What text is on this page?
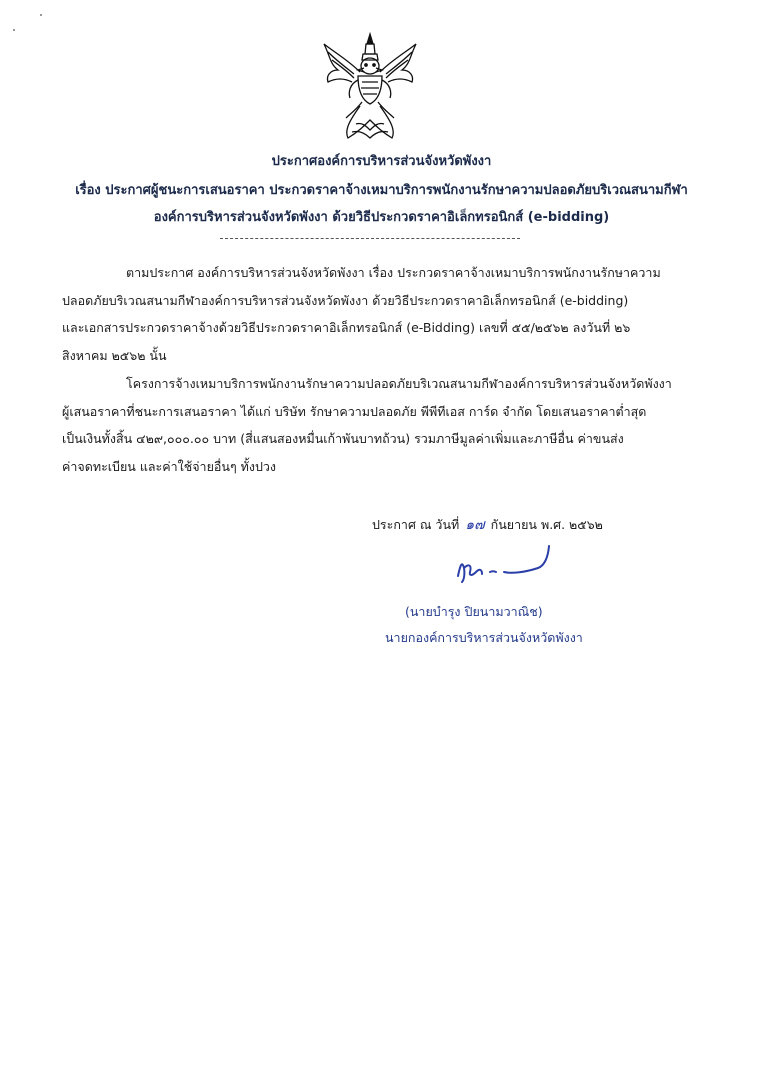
ประกาศองค์การบริหารส่วนจังหวัดพังงา
เรื่อง ประกาศผู้ชนะการเสนอราคา ประกวดราคาจ้างเหมาบริการพนักงานรักษาความปลอดภัยบริเวณสนามกีฬา
องค์การบริหารส่วนจังหวัดพังงา ด้วยวิธีประกวดราคาอิเล็กทรอนิกส์ (e-bidding)
ตามประกาศ องค์การบริหารส่วนจังหวัดพังงา เรื่อง ประกวดราคาจ้างเหมาบริการพนักงานรักษาความ
ปลอดภัยบริเวณสนามกีฬาองค์การบริหารส่วนจังหวัดพังงา ด้วยวิธีประกวดราคาอิเล็กทรอนิกส์ (e-bidding)
และเอกสารประกวดราคาจ้างด้วยวิธีประกวดราคาอิเล็กทรอนิกส์ (e-Bidding) เลขที่ ๕๕/๒๕๖๒ ลงวันที่ ๒๖
สิงหาคม ๒๕๖๒ นั้น
โครงการจ้างเหมาบริการพนักงานรักษาความปลอดภัยบริเวณสนามกีฬาองค์การบริหารส่วนจังหวัดพังงา
ผู้เสนอราคาที่ชนะการเสนอราคา ได้แก่ บริษัท รักษาความปลอดภัย พีพีทีเอส การ์ด จำกัด โดยเสนอราคาต่ำสุด
เป็นเงินทั้งสิ้น ๔๒๙,๐๐๐.๐๐ บาท (สี่แสนสองหมื่นเก้าพันบาทถ้วน) รวมภาษีมูลค่าเพิ่มและภาษีอื่น ค่าขนส่ง
ค่าจดทะเบียน และค่าใช้จ่ายอื่นๆ ทั้งปวง
ประกาศ ณ วันที่ ๑๗ กันยายน พ.ศ. ๒๕๖๒
(นายบำรุง ปิยนามวาณิช)
นายกองค์การบริหารส่วนจังหวัดพังงา
